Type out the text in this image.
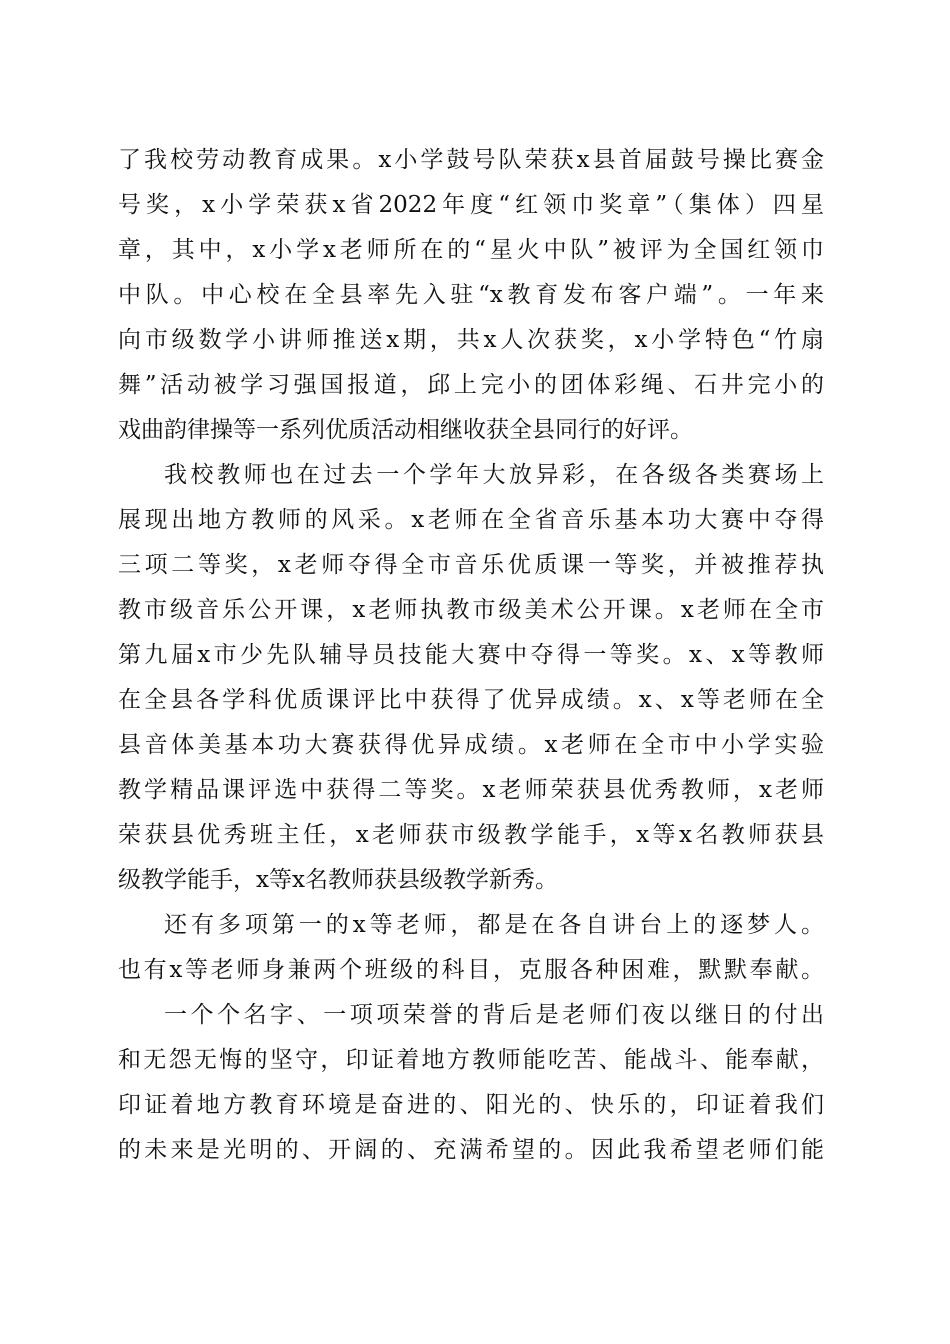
了我校劳动教育成果。x小学鼓号队荣获x县首届鼓号操比赛金
号奖，x小学荣获x省2022年度“红领巾奖章”（集体）四星
章，其中，x小学x老师所在的“星火中队”被评为全国红领巾
中队。中心校在全县率先入驻“x教育发布客户端”。一年来
向市级数学小讲师推送x期，共x人次获奖，x小学特色“竹扇
舞”活动被学习强国报道，邱上完小的团体彩绳、石井完小的
戏曲韵律操等一系列优质活动相继收获全县同行的好评。
我校教师也在过去一个学年大放异彩，在各级各类赛场上
展现出地方教师的风采。x老师在全省音乐基本功大赛中夺得
三项二等奖，x老师夺得全市音乐优质课一等奖，并被推荐执
教市级音乐公开课，x老师执教市级美术公开课。x老师在全市
第九届x市少先队辅导员技能大赛中夺得一等奖。x、x等教师
在全县各学科优质课评比中获得了优异成绩。x、x等老师在全
县音体美基本功大赛获得优异成绩。x老师在全市中小学实验
教学精品课评选中获得二等奖。x老师荣获县优秀教师，x老师
荣获县优秀班主任，x老师获市级教学能手，x等x名教师获县
级教学能手，x等x名教师获县级教学新秀。
还有多项第一的x等老师，都是在各自讲台上的逐梦人。
也有x等老师身兼两个班级的科目，克服各种困难，默默奉献。
一个个名字、一项项荣誉的背后是老师们夜以继日的付出
和无怨无悔的坚守，印证着地方教师能吃苦、能战斗、能奉献，
印证着地方教育环境是奋进的、阳光的、快乐的，印证着我们
的未来是光明的、开阔的、充满希望的。因此我希望老师们能
